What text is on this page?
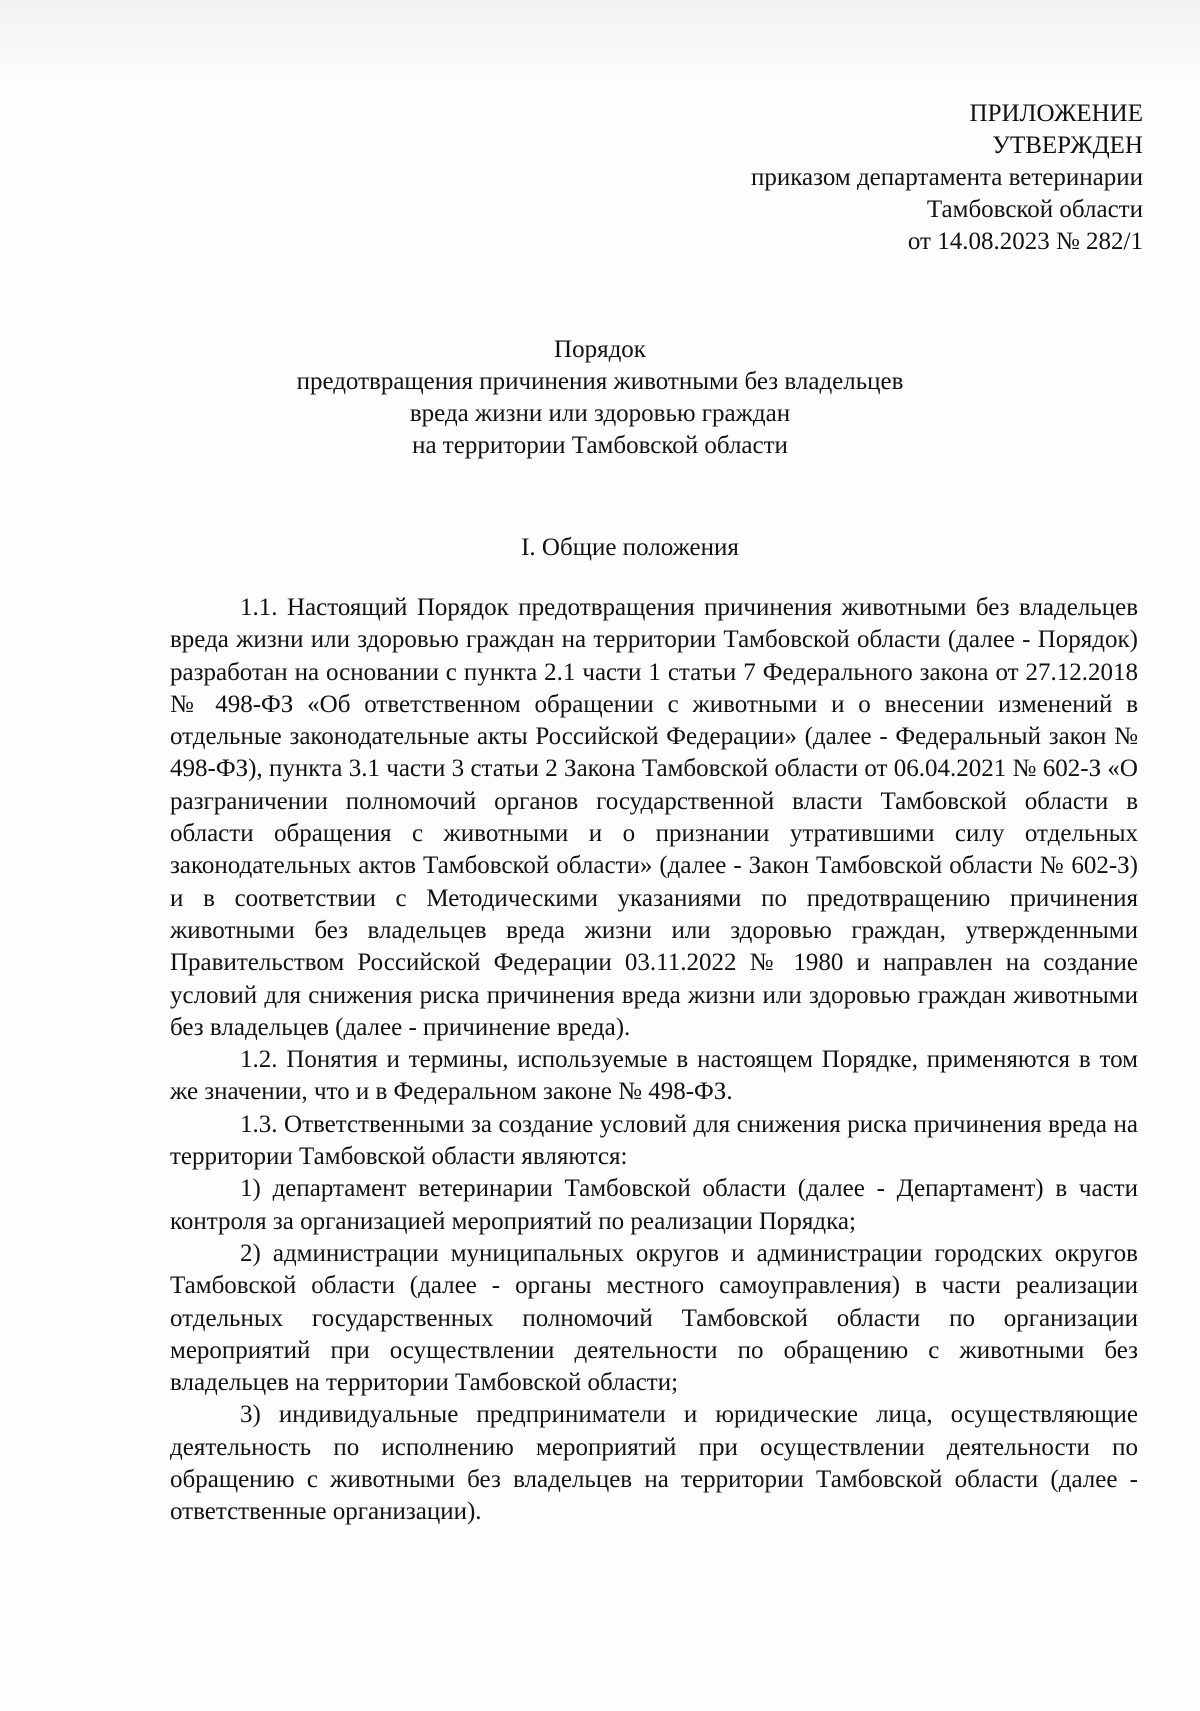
ПРИЛОЖЕНИЕ
УТВЕРЖДЕН
приказом департамента ветеринарии
Тамбовской области
от 14.08.2023 № 282/1
Порядок
предотвращения причинения животными без владельцев
вреда жизни или здоровью граждан
на территории Тамбовской области
I. Общие положения

1.1. Настоящий Порядок предотвращения причинения животными без владельцев вреда жизни или здоровью граждан на территории Тамбовской области (далее - Порядок) разработан на основании с пункта 2.1 части 1 статьи 7 Федерального закона от 27.12.2018 № 498-ФЗ «Об ответственном обращении с животными и о внесении изменений в отдельные законодательные акты Российской Федерации» (далее - Федеральный закон № 498-ФЗ), пункта 3.1 части 3 статьи 2 Закона Тамбовской области от 06.04.2021 № 602-З «О разграничении полномочий органов государственной власти Тамбовской области в области обращения с животными и о признании утратившими силу отдельных законодательных актов Тамбовской области» (далее - Закон Тамбовской области № 602-З) и в соответствии с Методическими указаниями по предотвращению причинения животными без владельцев вреда жизни или здоровью граждан, утвержденными Правительством Российской Федерации 03.11.2022 № 1980 и направлен на создание условий для снижения риска причинения вреда жизни или здоровью граждан животными без владельцев (далее - причинение вреда).

1.2. Понятия и термины, используемые в настоящем Порядке, применяются в том же значении, что и в Федеральном законе № 498-ФЗ.

1.3. Ответственными за создание условий для снижения риска причинения вреда на территории Тамбовской области являются:

1) департамент ветеринарии Тамбовской области (далее - Департамент) в части контроля за организацией мероприятий по реализации Порядка;

2) администрации муниципальных округов и администрации городских округов Тамбовской области (далее - органы местного самоуправления) в части реализации отдельных государственных полномочий Тамбовской области по организации мероприятий при осуществлении деятельности по обращению с животными без владельцев на территории Тамбовской области;

3) индивидуальные предприниматели и юридические лица, осуществляющие деятельность по исполнению мероприятий при осуществлении деятельности по обращению с животными без владельцев на территории Тамбовской области (далее - ответственные организации).
